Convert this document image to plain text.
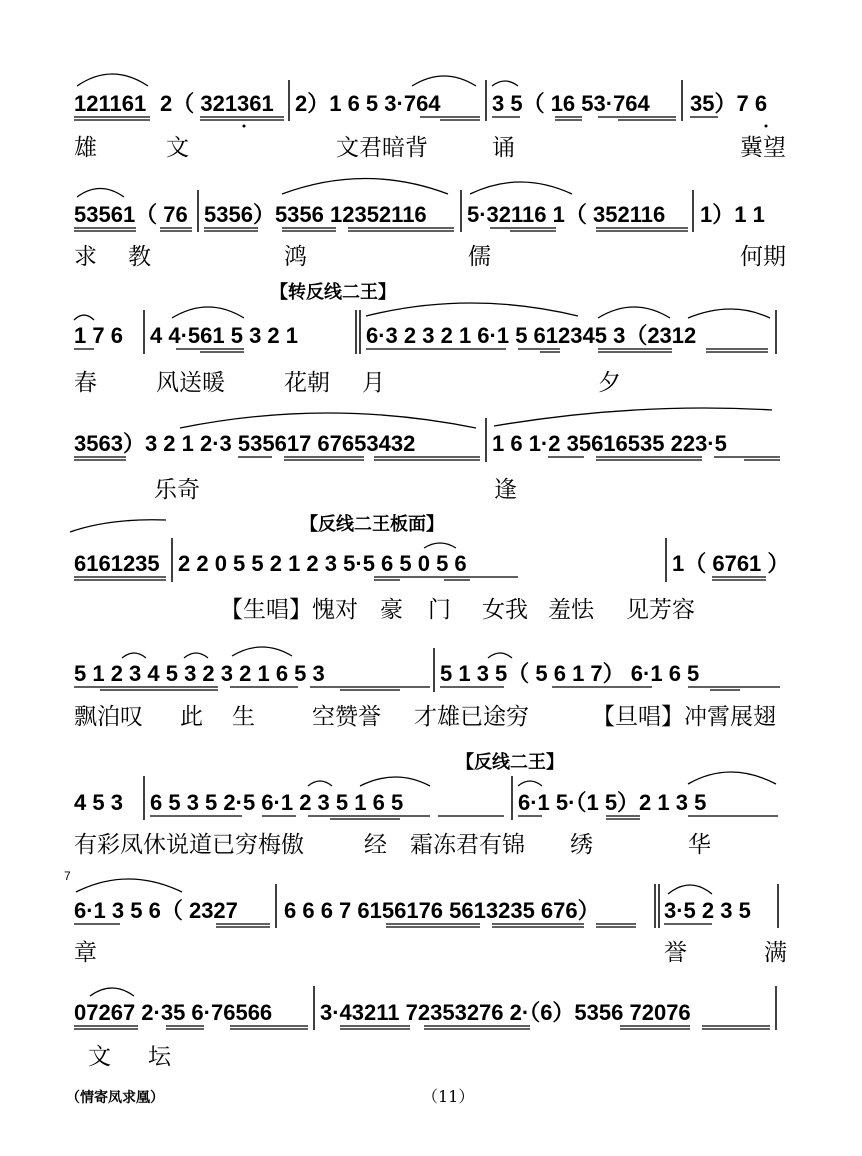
121161 2（ 321361 2）1 6 5 3·764 3 5（ 16 53·764 35）7 6
雄	文	文君暗背	诵	冀望
53561（ 76 5356）5356 12352116 5·32116 1（ 352116 1）1 1
求 教	鸿	儒	何期
【转反线二王】
1 7 6 4 4·561 5 3 2 1	6·3 2 3 2 1 6·1 5 612345 3（2312
春	风送暖	花朝 月	夕
3563）3 2 1 2·3 535617 67653432	1 6 1·2 35616535 223·5
乐奇	逢
【反线二王板面】
6161235 2 2 0 5 5 2 1 2 3 5·5 6 5 0 5 6	1（ 6761 ）
【生唱】愧对 豪 门 女我 羞怯 见芳容
5 1 2 3 4 5 3 2 3 2 1 6 5 3	5 1 3 5（ 5 6 1 7） 6·1 6 5
飘泊叹 此 生 空赞誉 才雄已途穷	【旦唱】冲霄展翅
【反线二王】
4 5 3 6 5 3 5 2·5 6·1 2 3 5 1 6 5	6·1 5·（1 5）2 1 3 5
有彩凤休说道已穷梅傲	经 霜冻君有锦 绣	华
7
6·1 3 5 6（ 2327 6 6 6 7 6156176 5613235 676）	3·5 2 3 5
章	誉	满
07267 2·35 6·76566 3·43211 72353276 2·（6）5356 72076
文 坛
（情寄凤求凰）	（11）
